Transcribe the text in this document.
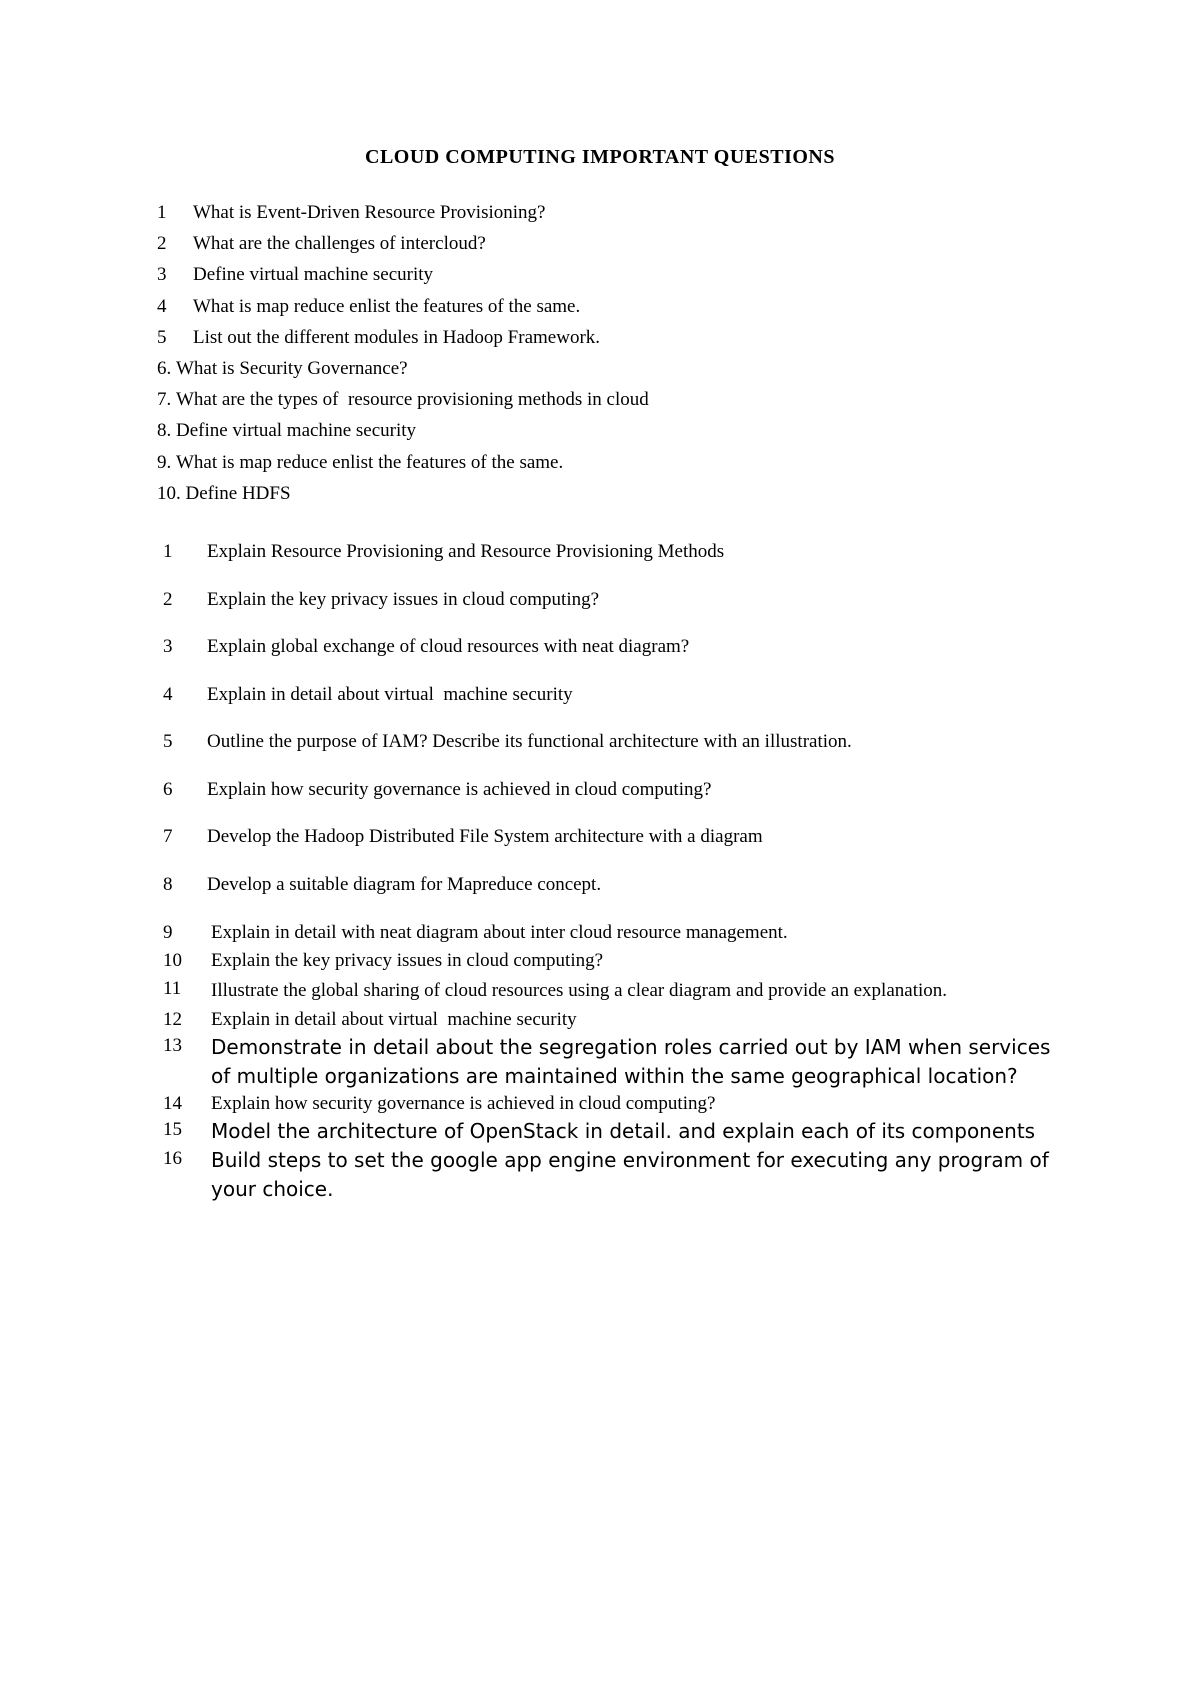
CLOUD COMPUTING IMPORTANT QUESTIONS
1	What is Event-Driven Resource Provisioning?
2	What are the challenges of intercloud?
3	Define virtual machine security
4	What is map reduce enlist the features of the same.
5	List out the different modules in Hadoop Framework.
6.
What is Security Governance?
7.
What are the types of  resource provisioning methods in cloud
8.
Define virtual machine security
9.
What is map reduce enlist the features of the same.
10.
Define HDFS
1	Explain Resource Provisioning and Resource Provisioning Methods
2	Explain the key privacy issues in cloud computing?
3	Explain global exchange of cloud resources with neat diagram?
4	Explain in detail about virtual  machine security
5	Outline the purpose of IAM? Describe its functional architecture with an illustration.
6	Explain how security governance is achieved in cloud computing?
7	Develop the Hadoop Distributed File System architecture with a diagram
8	Develop a suitable diagram for Mapreduce concept.
9	Explain in detail with neat diagram about inter cloud resource management.
10	Explain the key privacy issues in cloud computing?
11	Illustrate the global sharing of cloud resources using a clear diagram and provide an explanation.
12	Explain in detail about virtual  machine security
13	Demonstrate in detail about the segregation roles carried out by IAM when services of multiple organizations are maintained within the same geographical location?
14	Explain how security governance is achieved in cloud computing?
15	Model the architecture of OpenStack in detail. and explain each of its components
16	Build steps to set the google app engine environment for executing any program of your choice.
